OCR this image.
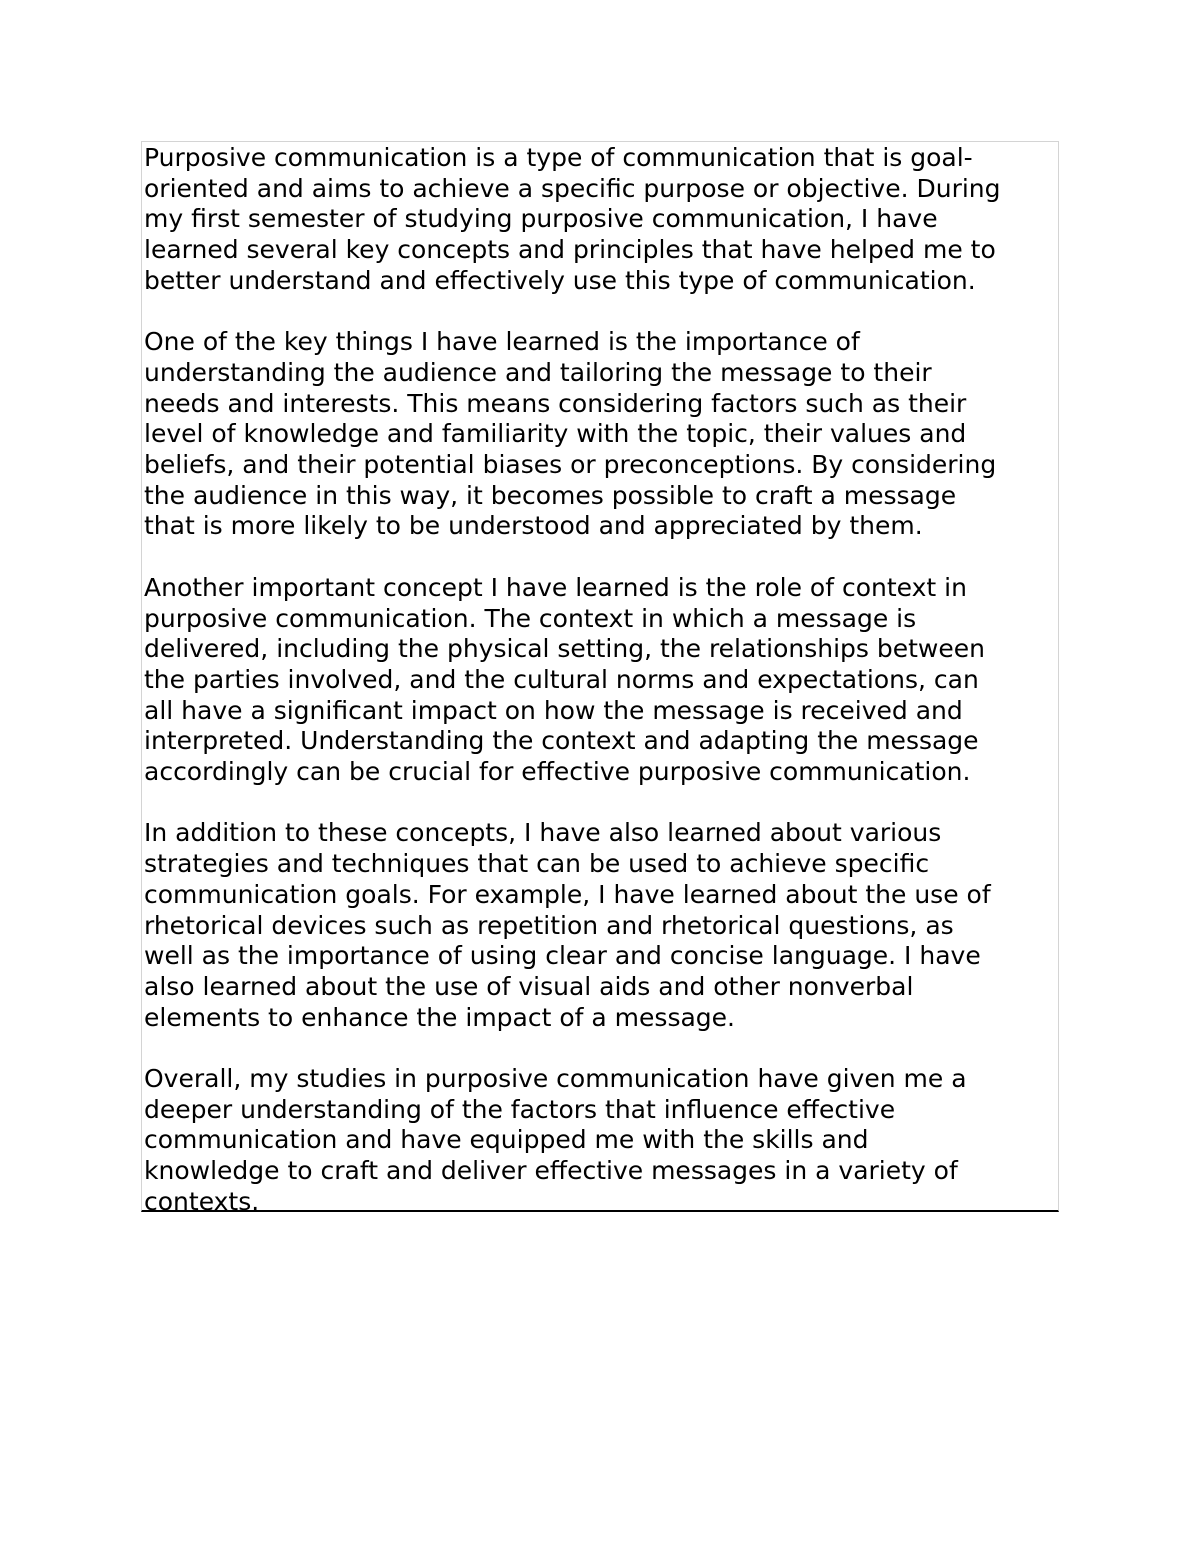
Purposive communication is a type of communication that is goal-
oriented and aims to achieve a specific purpose or objective. During
my first semester of studying purposive communication, I have
learned several key concepts and principles that have helped me to
better understand and effectively use this type of communication.

One of the key things I have learned is the importance of
understanding the audience and tailoring the message to their
needs and interests. This means considering factors such as their
level of knowledge and familiarity with the topic, their values and
beliefs, and their potential biases or preconceptions. By considering
the audience in this way, it becomes possible to craft a message
that is more likely to be understood and appreciated by them.

Another important concept I have learned is the role of context in
purposive communication. The context in which a message is
delivered, including the physical setting, the relationships between
the parties involved, and the cultural norms and expectations, can
all have a significant impact on how the message is received and
interpreted. Understanding the context and adapting the message
accordingly can be crucial for effective purposive communication.

In addition to these concepts, I have also learned about various
strategies and techniques that can be used to achieve specific
communication goals. For example, I have learned about the use of
rhetorical devices such as repetition and rhetorical questions, as
well as the importance of using clear and concise language. I have
also learned about the use of visual aids and other nonverbal
elements to enhance the impact of a message.

Overall, my studies in purposive communication have given me a
deeper understanding of the factors that influence effective
communication and have equipped me with the skills and
knowledge to craft and deliver effective messages in a variety of
contexts.
